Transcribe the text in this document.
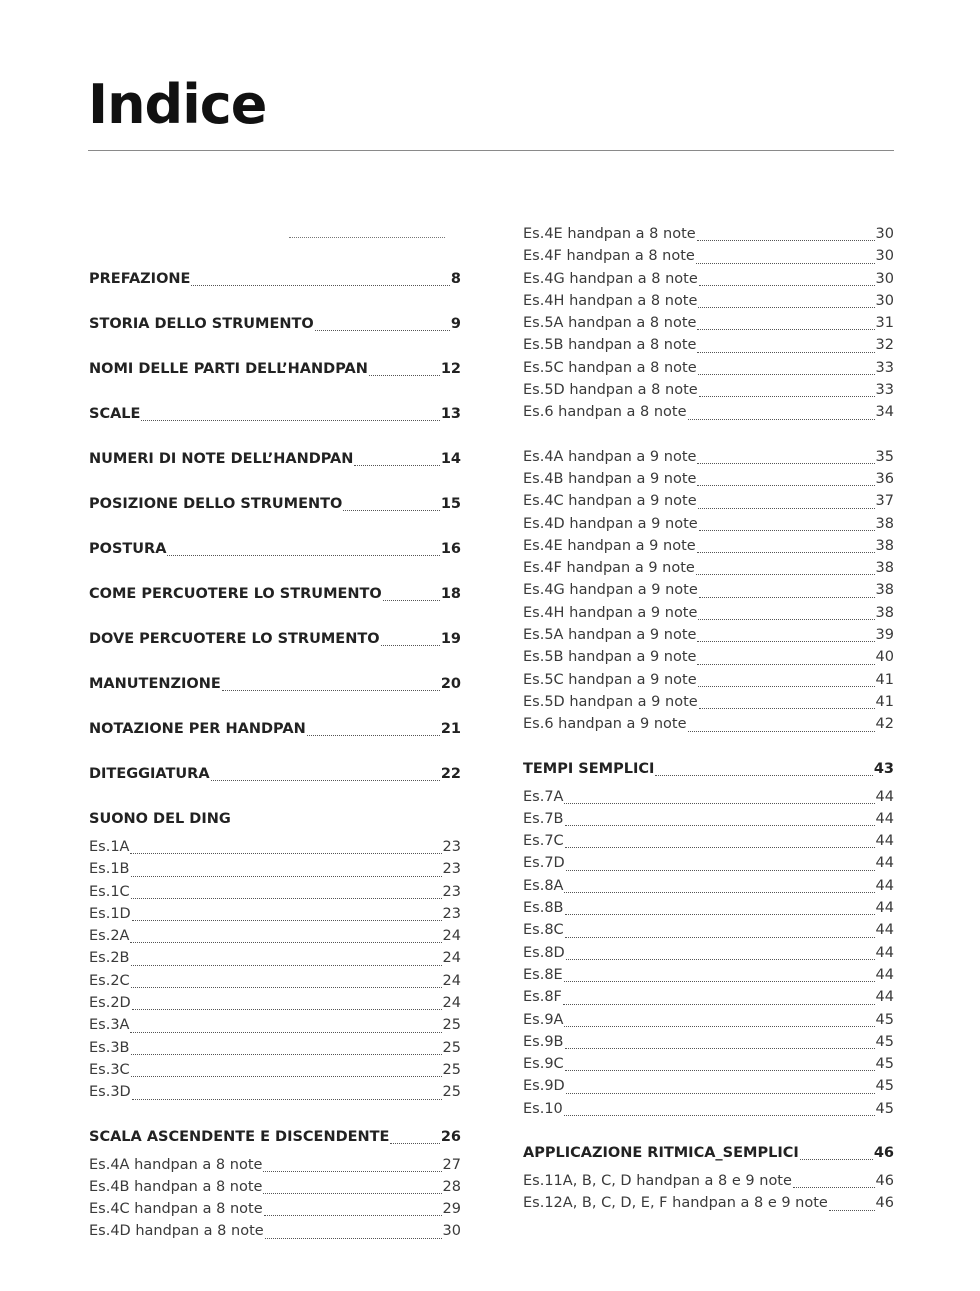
Indice
PREFAZIONE	8
STORIA DELLO STRUMENTO	9
NOMI DELLE PARTI DELL’HANDPAN	12
SCALE	13
NUMERI DI NOTE DELL’HANDPAN	14
POSIZIONE DELLO STRUMENTO	15
POSTURA	16
COME PERCUOTERE LO STRUMENTO	18
DOVE PERCUOTERE LO STRUMENTO	19
MANUTENZIONE	20
NOTAZIONE PER HANDPAN	21
DITEGGIATURA	22
SUONO DEL DING
Es.1A	23
Es.1B	23
Es.1C	23
Es.1D	23
Es.2A	24
Es.2B	24
Es.2C	24
Es.2D	24
Es.3A	25
Es.3B	25
Es.3C	25
Es.3D	25
SCALA ASCENDENTE E DISCENDENTE	26
Es.4A handpan a 8 note	27
Es.4B handpan a 8 note	28
Es.4C handpan a 8 note	29
Es.4D handpan a 8 note	30
Es.4E handpan a 8 note	30
Es.4F handpan a 8 note	30
Es.4G handpan a 8 note	30
Es.4H handpan a 8 note	30
Es.5A handpan a 8 note	31
Es.5B handpan a 8 note	32
Es.5C handpan a 8 note	33
Es.5D handpan a 8 note	33
Es.6 handpan a 8 note	34
Es.4A handpan a 9 note	35
Es.4B handpan a 9 note	36
Es.4C handpan a 9 note	37
Es.4D handpan a 9 note	38
Es.4E handpan a 9 note	38
Es.4F handpan a 9 note	38
Es.4G handpan a 9 note	38
Es.4H handpan a 9 note	38
Es.5A handpan a 9 note	39
Es.5B handpan a 9 note	40
Es.5C handpan a 9 note	41
Es.5D handpan a 9 note	41
Es.6 handpan a 9 note	42
TEMPI SEMPLICI	43
Es.7A	44
Es.7B	44
Es.7C	44
Es.7D	44
Es.8A	44
Es.8B	44
Es.8C	44
Es.8D	44
Es.8E	44
Es.8F	44
Es.9A	45
Es.9B	45
Es.9C	45
Es.9D	45
Es.10	45
APPLICAZIONE RITMICA_SEMPLICI	46
Es.11A, B, C, D handpan a 8 e 9 note	46
Es.12A, B, C, D, E, F handpan a 8 e 9 note	46
